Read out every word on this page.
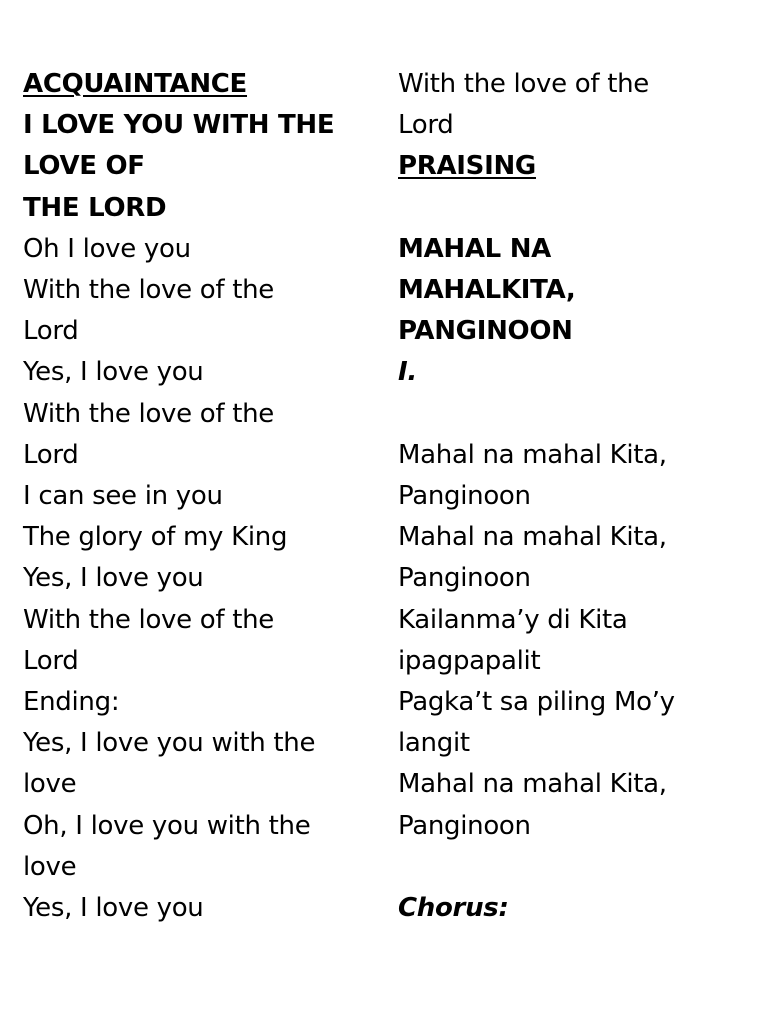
ACQUAINTANCE
I LOVE YOU WITH THE
LOVE OF
THE LORD
Oh I love you
With the love of the
Lord
Yes, I love you
With the love of the
Lord
I can see in you
The glory of my King
Yes, I love you
With the love of the
Lord
Ending:
Yes, I love you with the
love
Oh, I love you with the
love
Yes, I love you
With the love of the
Lord
PRAISING
MAHAL NA
MAHALKITA,
PANGINOON
I.
Mahal na mahal Kita,
Panginoon
Mahal na mahal Kita,
Panginoon
Kailanma’y di Kita
ipagpapalit
Pagka’t sa piling Mo’y
langit
Mahal na mahal Kita,
Panginoon
Chorus:
